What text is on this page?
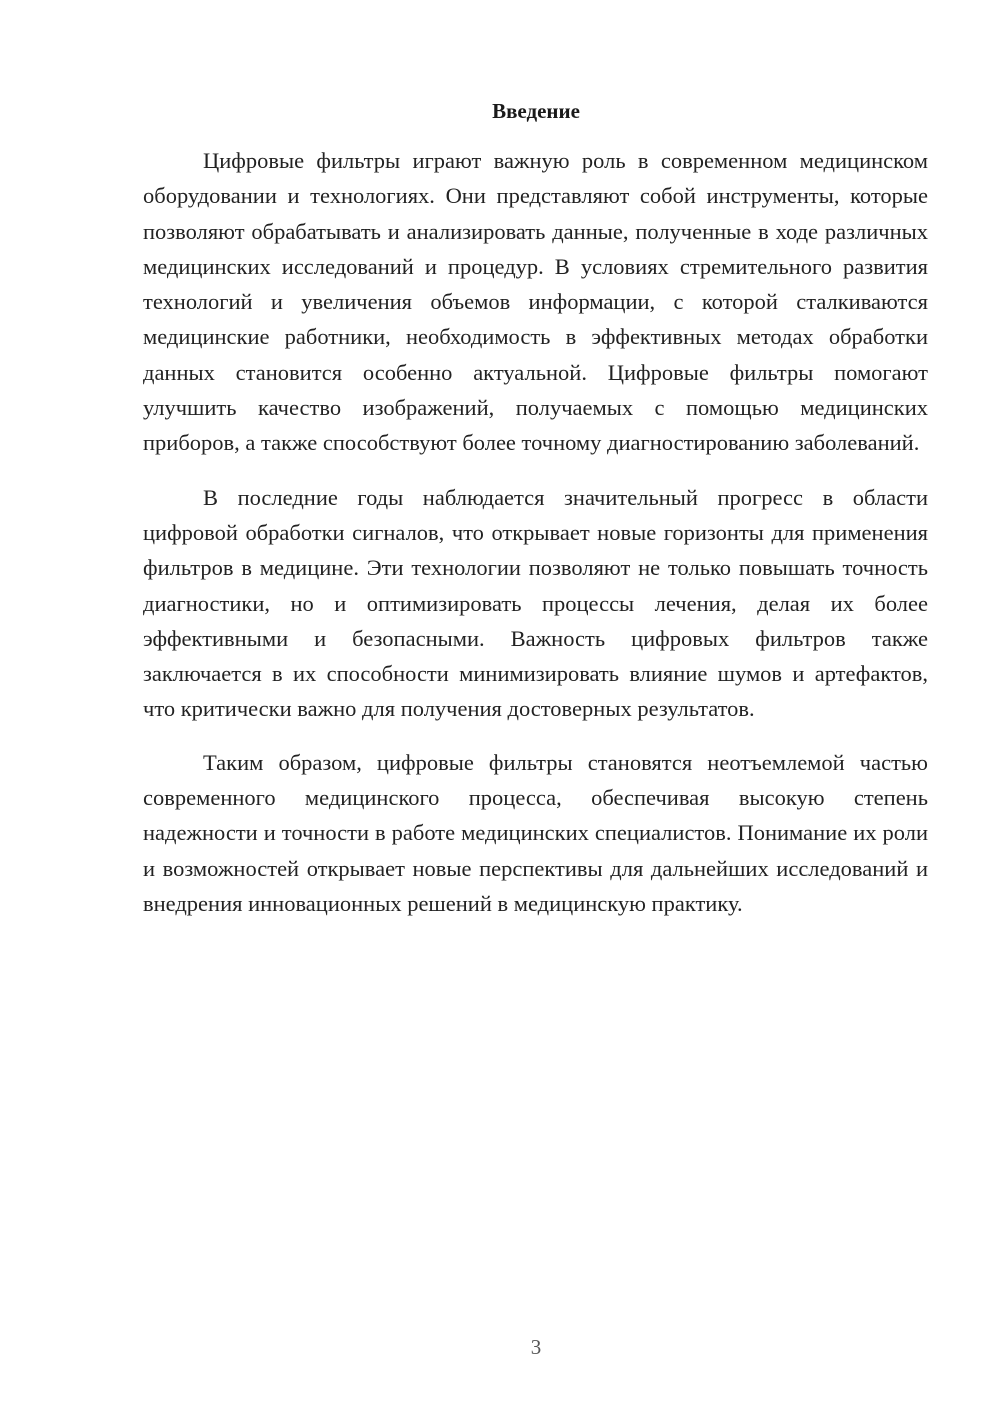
Введение

Цифровые фильтры играют важную роль в современном медицинском оборудовании и технологиях. Они представляют собой инструменты, которые позволяют обрабатывать и анализировать данные, полученные в ходе различных медицинских исследований и процедур. В условиях стремительного развития технологий и увеличения объемов информации, с которой сталкиваются медицинские работники, необходимость в эффективных методах обработки данных становится особенно актуальной. Цифровые фильтры помогают улучшить качество изображений, получаемых с помощью медицинских приборов, а также способствуют более точному диагностированию заболеваний.

В последние годы наблюдается значительный прогресс в области цифровой обработки сигналов, что открывает новые горизонты для применения фильтров в медицине. Эти технологии позволяют не только повышать точность диагностики, но и оптимизировать процессы лечения, делая их более эффективными и безопасными. Важность цифровых фильтров также заключается в их способности минимизировать влияние шумов и артефактов, что критически важно для получения достоверных результатов.

Таким образом, цифровые фильтры становятся неотъемлемой частью современного медицинского процесса, обеспечивая высокую степень надежности и точности в работе медицинских специалистов. Понимание их роли и возможностей открывает новые перспективы для дальнейших исследований и внедрения инновационных решений в медицинскую практику.

3
